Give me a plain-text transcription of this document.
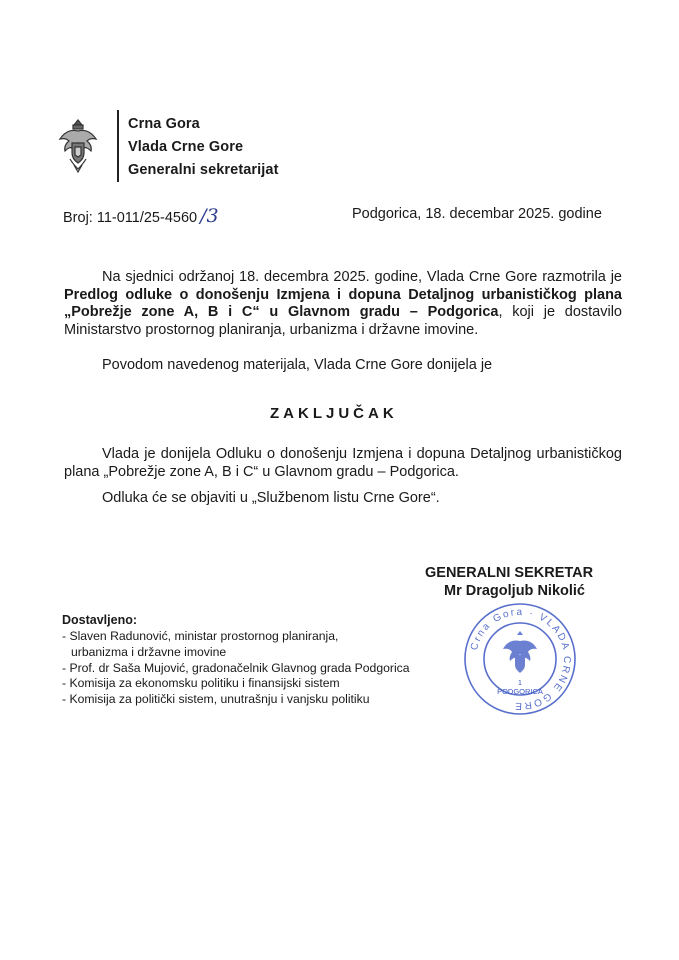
Crna Gora
Vlada Crne Gore
Generalni sekretarijat
Broj: 11-011/25-4560 /3	Podgorica, 18. decembar 2025. godine
Na sjednici održanoj 18. decembra 2025. godine, Vlada Crne Gore razmotrila je Predlog odluke o donošenju Izmjena i dopuna Detaljnog urbanističkog plana „Pobrežje zone A, B i C“ u Glavnom gradu – Podgorica, koji je dostavilo Ministarstvo prostornog planiranja, urbanizma i državne imovine.
Povodom navedenog materijala, Vlada Crne Gore donijela je
ZAKLJUČAK
Vlada je donijela Odluku o donošenju Izmjena i dopuna Detaljnog urbanističkog plana „Pobrežje zone A, B i C“ u Glavnom gradu – Podgorica.
Odluka će se objaviti u „Službenom listu Crne Gore“.
Crna Gora · VLADA CRNE GORE
1
PODGORICA
GENERALNI SEKRETAR
Mr Dragoljub Nikolić
Dostavljeno:
- Slaven Radunović, ministar prostornog planiranja,
urbanizma i državne imovine
- Prof. dr Saša Mujović, gradonačelnik Glavnog grada Podgorica
- Komisija za ekonomsku politiku i finansijski sistem
- Komisija za politički sistem, unutrašnju i vanjsku politiku
